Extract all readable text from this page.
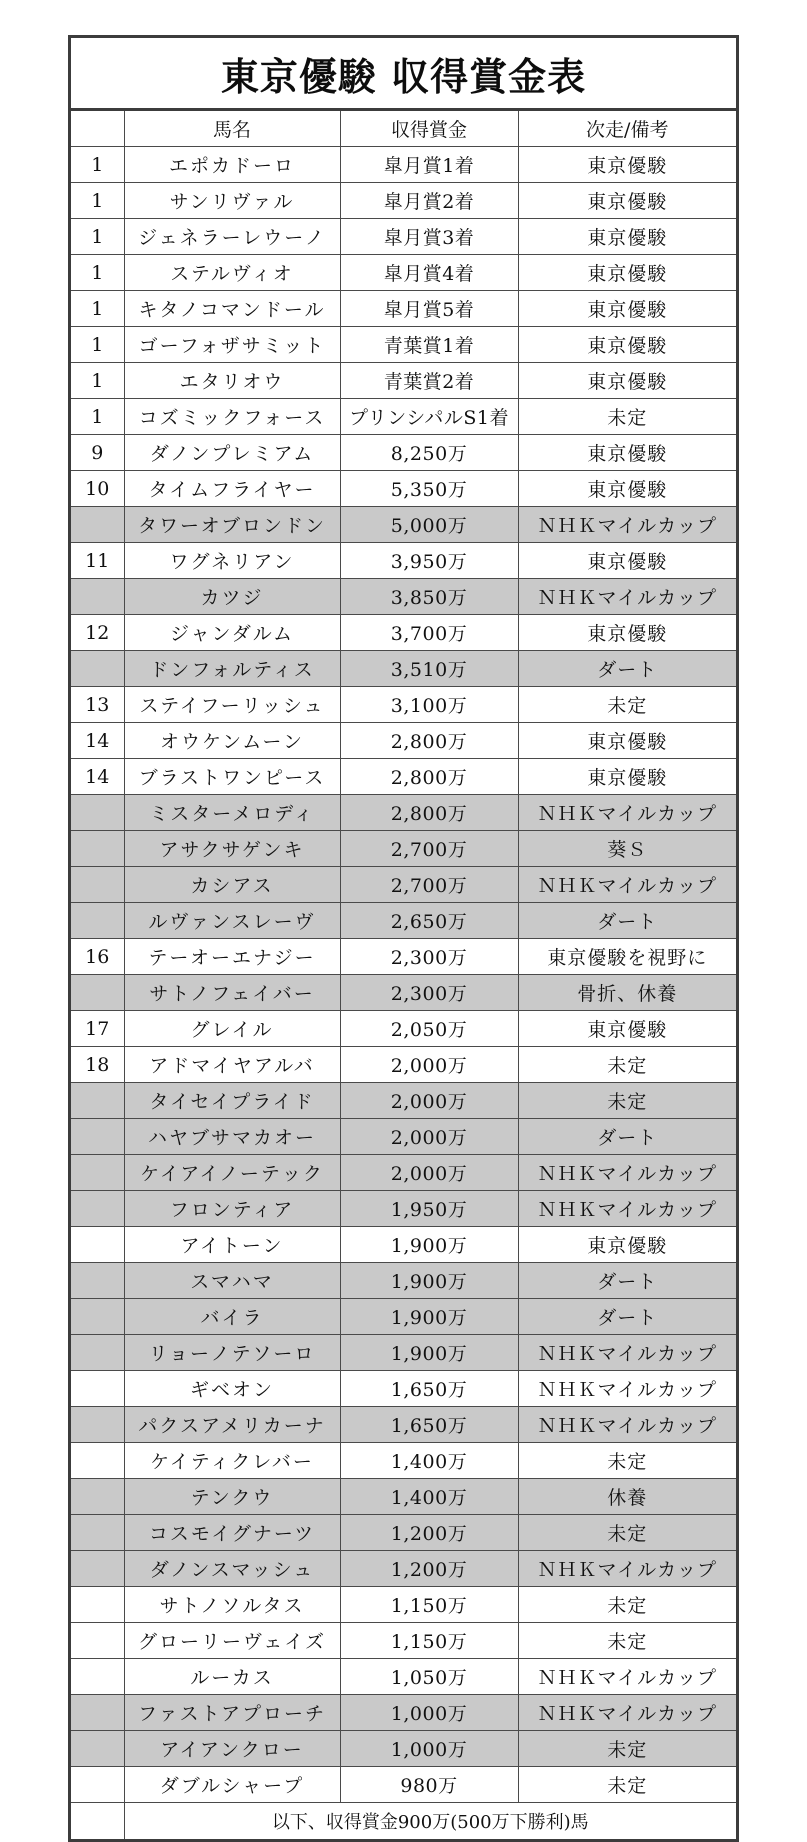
東京優駿 収得賞金表
	馬名	収得賞金	次走/備考
1	エポカドーロ	皐月賞1着	東京優駿
1	サンリヴァル	皐月賞2着	東京優駿
1	ジェネラーレウーノ	皐月賞3着	東京優駿
1	ステルヴィオ	皐月賞4着	東京優駿
1	キタノコマンドール	皐月賞5着	東京優駿
1	ゴーフォザサミット	青葉賞1着	東京優駿
1	エタリオウ	青葉賞2着	東京優駿
1	コズミックフォース	プリンシパルS1着	未定
9	ダノンプレミアム	8,250万	東京優駿
10	タイムフライヤー	5,350万	東京優駿
	タワーオブロンドン	5,000万	ＮＨＫマイルカップ
11	ワグネリアン	3,950万	東京優駿
	カツジ	3,850万	ＮＨＫマイルカップ
12	ジャンダルム	3,700万	東京優駿
	ドンフォルティス	3,510万	ダート
13	ステイフーリッシュ	3,100万	未定
14	オウケンムーン	2,800万	東京優駿
14	ブラストワンピース	2,800万	東京優駿
	ミスターメロディ	2,800万	ＮＨＫマイルカップ
	アサクサゲンキ	2,700万	葵Ｓ
	カシアス	2,700万	ＮＨＫマイルカップ
	ルヴァンスレーヴ	2,650万	ダート
16	テーオーエナジー	2,300万	東京優駿を視野に
	サトノフェイバー	2,300万	骨折、休養
17	グレイル	2,050万	東京優駿
18	アドマイヤアルバ	2,000万	未定
	タイセイプライド	2,000万	未定
	ハヤブサマカオー	2,000万	ダート
	ケイアイノーテック	2,000万	ＮＨＫマイルカップ
	フロンティア	1,950万	ＮＨＫマイルカップ
	アイトーン	1,900万	東京優駿
	スマハマ	1,900万	ダート
	バイラ	1,900万	ダート
	リョーノテソーロ	1,900万	ＮＨＫマイルカップ
	ギベオン	1,650万	ＮＨＫマイルカップ
	パクスアメリカーナ	1,650万	ＮＨＫマイルカップ
	ケイティクレバー	1,400万	未定
	テンクウ	1,400万	休養
	コスモイグナーツ	1,200万	未定
	ダノンスマッシュ	1,200万	ＮＨＫマイルカップ
	サトノソルタス	1,150万	未定
	グローリーヴェイズ	1,150万	未定
	ルーカス	1,050万	ＮＨＫマイルカップ
	ファストアプローチ	1,000万	ＮＨＫマイルカップ
	アイアンクロー	1,000万	未定
	ダブルシャープ	980万	未定
	以下、収得賞金900万(500万下勝利)馬		
